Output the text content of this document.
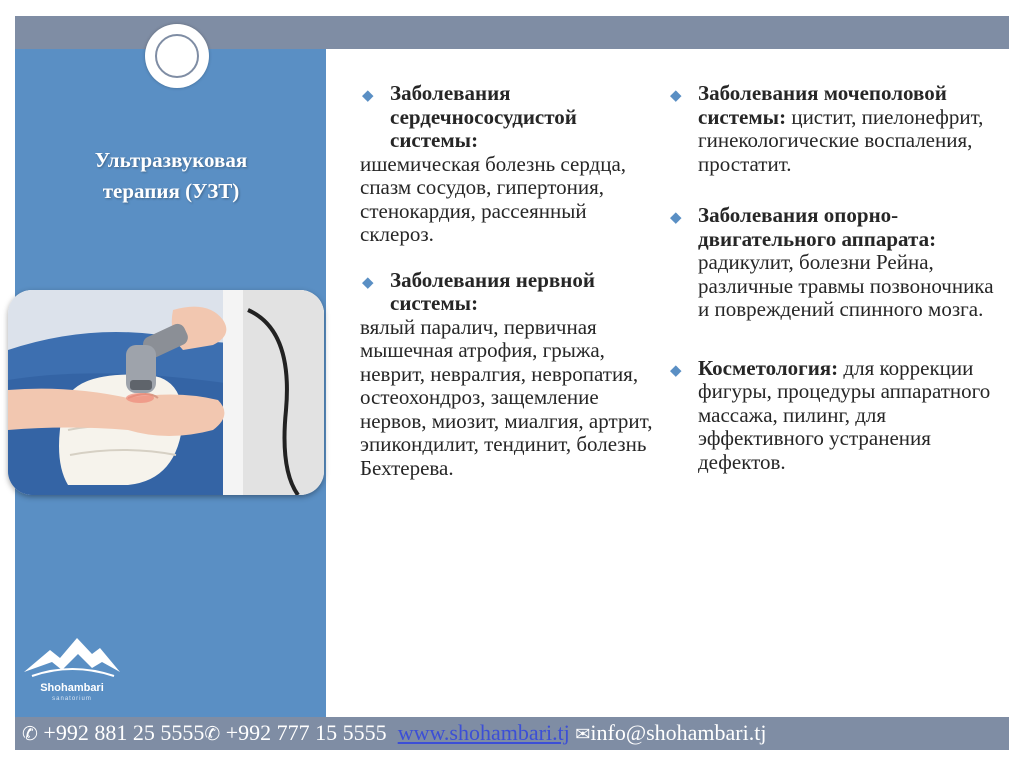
Ультразвуковая
терапия (УЗТ)
Shohambari
sanatorium
◆ Заболевания сердечнососудистой системы:
ишемическая болезнь сердца, спазм сосудов, гипертония, стенокардия, рассеянный склероз.
◆ Заболевания нервной системы:
вялый паралич, первичная мышечная атрофия, грыжа, неврит, невралгия, невропатия, остеохондроз, защемление нервов, миозит, миалгия, артрит, эпикондилит, тендинит, болезнь Бехтерева.
◆ Заболевания мочеполовой системы: цистит, пиелонефрит, гинекологические воспаления, простатит.
◆ Заболевания опорно-двигательного аппарата: радикулит, болезни Рейна, различные травмы позвоночника и повреждений спинного мозга.
◆ Косметология: для коррекции фигуры, процедуры аппаратного массажа, пилинг, для эффективного устранения дефектов.
✆ +992 881 25 5555✆ +992 777 15 5555 www.shohambari.tj ✉info@shohambari.tj
